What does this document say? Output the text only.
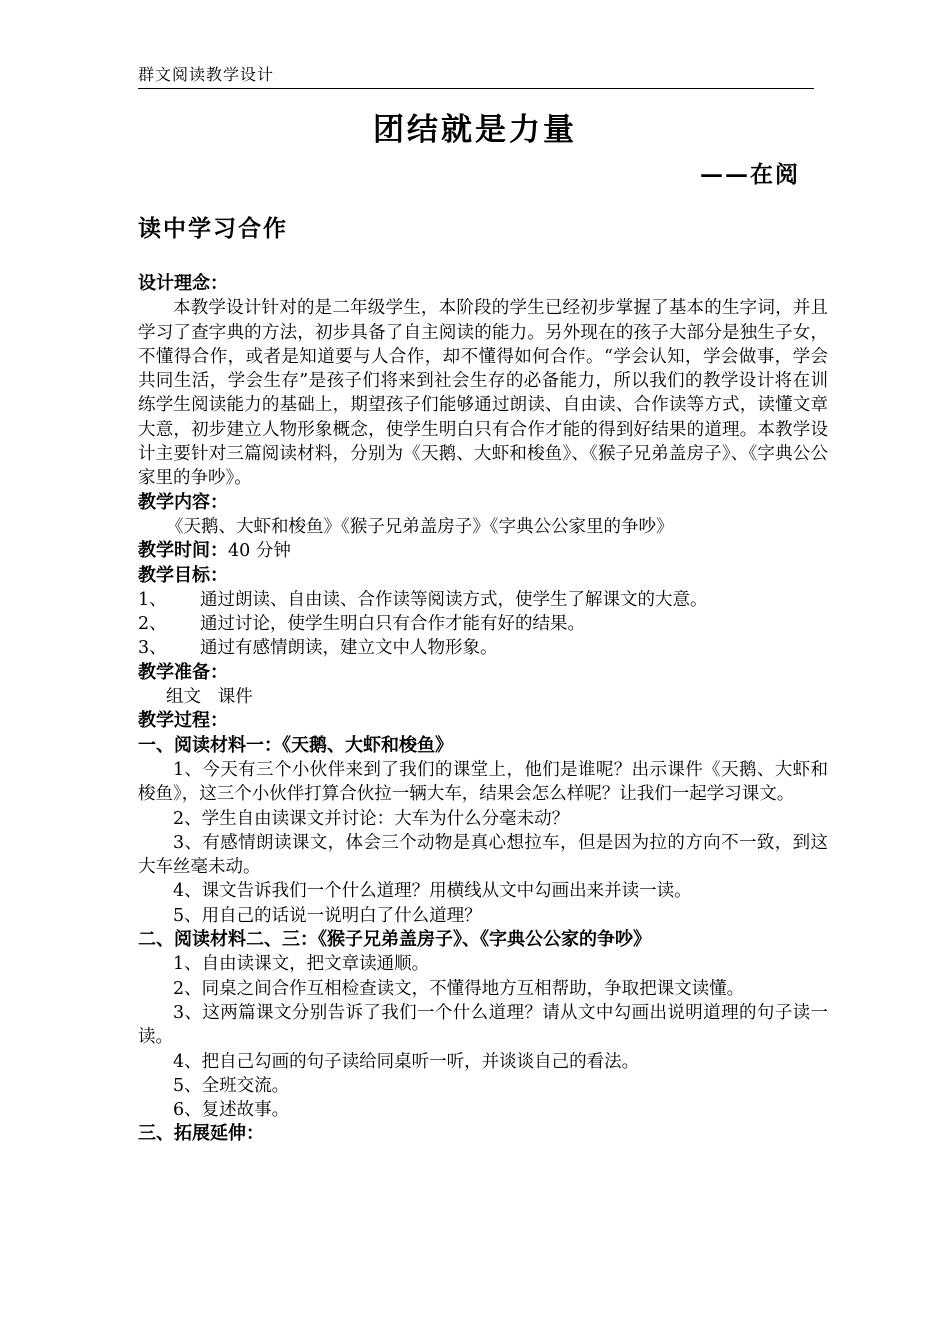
群文阅读教学设计
团结就是力量
——在阅
读中学习合作
设计理念：
本教学设计针对的是二年级学生，本阶段的学生已经初步掌握了基本的生字词，并且学习了查字典的方法，初步具备了自主阅读的能力。另外现在的孩子大部分是独生子女，不懂得合作，或者是知道要与人合作，却不懂得如何合作。“学会认知，学会做事，学会共同生活，学会生存”是孩子们将来到社会生存的必备能力，所以我们的教学设计将在训练学生阅读能力的基础上，期望孩子们能够通过朗读、自由读、合作读等方式，读懂文章大意，初步建立人物形象概念，使学生明白只有合作才能的得到好结果的道理。本教学设计主要针对三篇阅读材料，分别为《天鹅、大虾和梭鱼》、《猴子兄弟盖房子》、《字典公公家里的争吵》。
教学内容：
《天鹅、大虾和梭鱼》《猴子兄弟盖房子》《字典公公家里的争吵》
教学时间：40 分钟
教学目标：
1、	通过朗读、自由读、合作读等阅读方式，使学生了解课文的大意。
2、	通过讨论，使学生明白只有合作才能有好的结果。
3、	通过有感情朗读，建立文中人物形象。
教学准备：
组文   课件
教学过程：
一、阅读材料一：《天鹅、大虾和梭鱼》
1、今天有三个小伙伴来到了我们的课堂上，他们是谁呢？出示课件《天鹅、大虾和梭鱼》，这三个小伙伴打算合伙拉一辆大车，结果会怎么样呢？让我们一起学习课文。
2、学生自由读课文并讨论：大车为什么分毫未动？
3、有感情朗读课文，体会三个动物是真心想拉车，但是因为拉的方向不一致，到这大车丝毫未动。
4、课文告诉我们一个什么道理？用横线从文中勾画出来并读一读。
5、用自己的话说一说明白了什么道理？
二、阅读材料二、三：《猴子兄弟盖房子》、《字典公公家的争吵》
1、自由读课文，把文章读通顺。
2、同桌之间合作互相检查读文，不懂得地方互相帮助，争取把课文读懂。
3、这两篇课文分别告诉了我们一个什么道理？请从文中勾画出说明道理的句子读一读。
4、把自己勾画的句子读给同桌听一听，并谈谈自己的看法。
5、全班交流。
6、复述故事。
三、拓展延伸：
